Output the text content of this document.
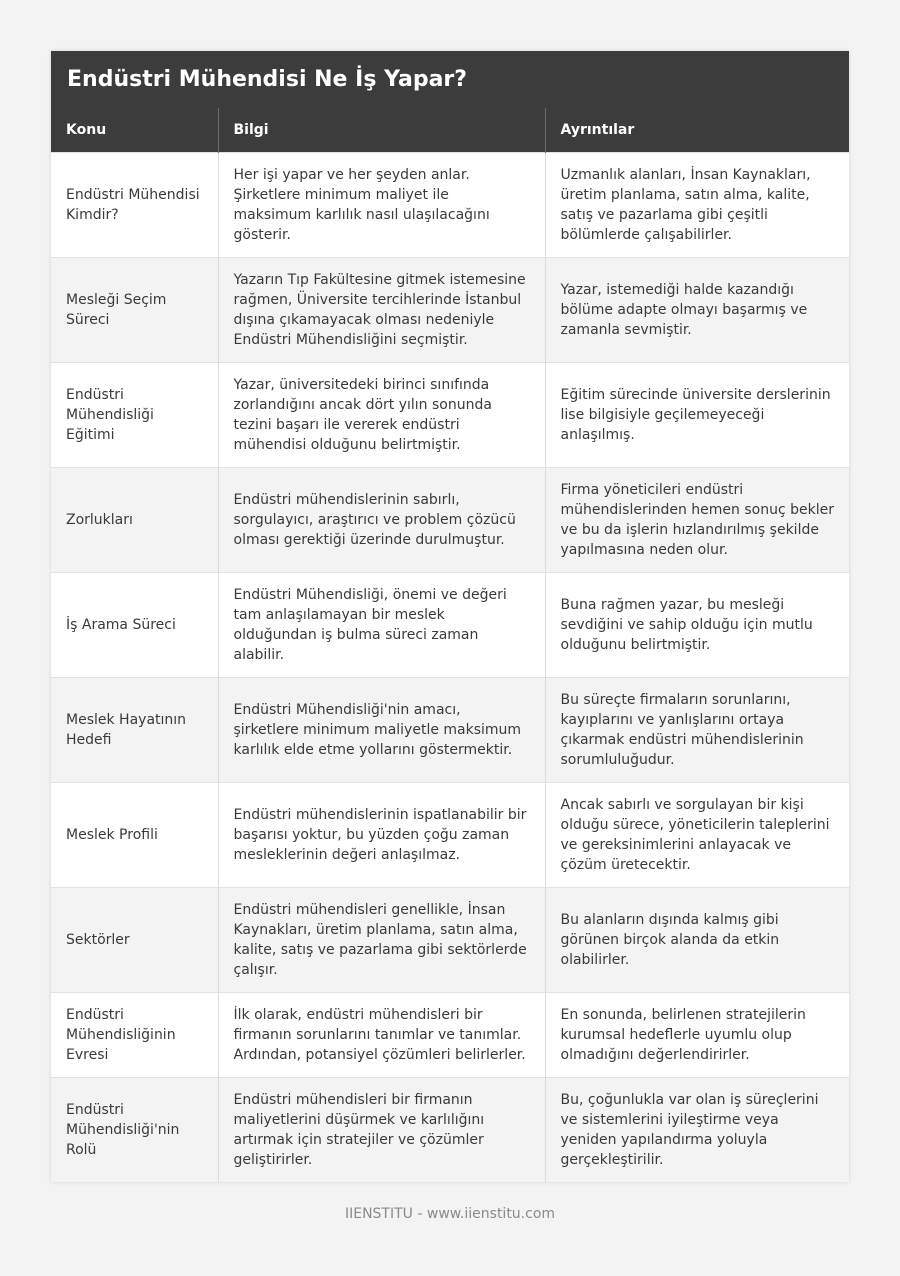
Endüstri Mühendisi Ne İş Yapar?
Konu	Bilgi	Ayrıntılar
Endüstri Mühendisi Kimdir?	Her işi yapar ve her şeyden anlar. Şirketlere minimum maliyet ile maksimum karlılık nasıl ulaşılacağını gösterir.	Uzmanlık alanları, İnsan Kaynakları, üretim planlama, satın alma, kalite, satış ve pazarlama gibi çeşitli bölümlerde çalışabilirler.
Mesleği Seçim Süreci	Yazarın Tıp Fakültesine gitmek istemesine rağmen, Üniversite tercihlerinde İstanbul dışına çıkamayacak olması nedeniyle Endüstri Mühendisliğini seçmiştir.	Yazar, istemediği halde kazandığı bölüme adapte olmayı başarmış ve zamanla sevmiştir.
Endüstri Mühendisliği Eğitimi	Yazar, üniversitedeki birinci sınıfında zorlandığını ancak dört yılın sonunda tezini başarı ile vererek endüstri mühendisi olduğunu belirtmiştir.	Eğitim sürecinde üniversite derslerinin lise bilgisiyle geçilemeyeceği anlaşılmış.
Zorlukları	Endüstri mühendislerinin sabırlı, sorgulayıcı, araştırıcı ve problem çözücü olması gerektiği üzerinde durulmuştur.	Firma yöneticileri endüstri mühendislerinden hemen sonuç bekler ve bu da işlerin hızlandırılmış şekilde yapılmasına neden olur.
İş Arama Süreci	Endüstri Mühendisliği, önemi ve değeri tam anlaşılamayan bir meslek olduğundan iş bulma süreci zaman alabilir.	Buna rağmen yazar, bu mesleği sevdiğini ve sahip olduğu için mutlu olduğunu belirtmiştir.
Meslek Hayatının Hedefi	Endüstri Mühendisliği'nin amacı, şirketlere minimum maliyetle maksimum karlılık elde etme yollarını göstermektir.	Bu süreçte firmaların sorunlarını, kayıplarını ve yanlışlarını ortaya çıkarmak endüstri mühendislerinin sorumluluğudur.
Meslek Profili	Endüstri mühendislerinin ispatlanabilir bir başarısı yoktur, bu yüzden çoğu zaman mesleklerinin değeri anlaşılmaz.	Ancak sabırlı ve sorgulayan bir kişi olduğu sürece, yöneticilerin taleplerini ve gereksinimlerini anlayacak ve çözüm üretecektir.
Sektörler	Endüstri mühendisleri genellikle, İnsan Kaynakları, üretim planlama, satın alma, kalite, satış ve pazarlama gibi sektörlerde çalışır.	Bu alanların dışında kalmış gibi görünen birçok alanda da etkin olabilirler.
Endüstri Mühendisliğinin Evresi	İlk olarak, endüstri mühendisleri bir firmanın sorunlarını tanımlar ve tanımlar. Ardından, potansiyel çözümleri belirlerler.	En sonunda, belirlenen stratejilerin kurumsal hedeflerle uyumlu olup olmadığını değerlendirirler.
Endüstri Mühendisliği'nin Rolü	Endüstri mühendisleri bir firmanın maliyetlerini düşürmek ve karlılığını artırmak için stratejiler ve çözümler geliştirirler.	Bu, çoğunlukla var olan iş süreçlerini ve sistemlerini iyileştirme veya yeniden yapılandırma yoluyla gerçekleştirilir.
IIENSTITU - www.iienstitu.com
